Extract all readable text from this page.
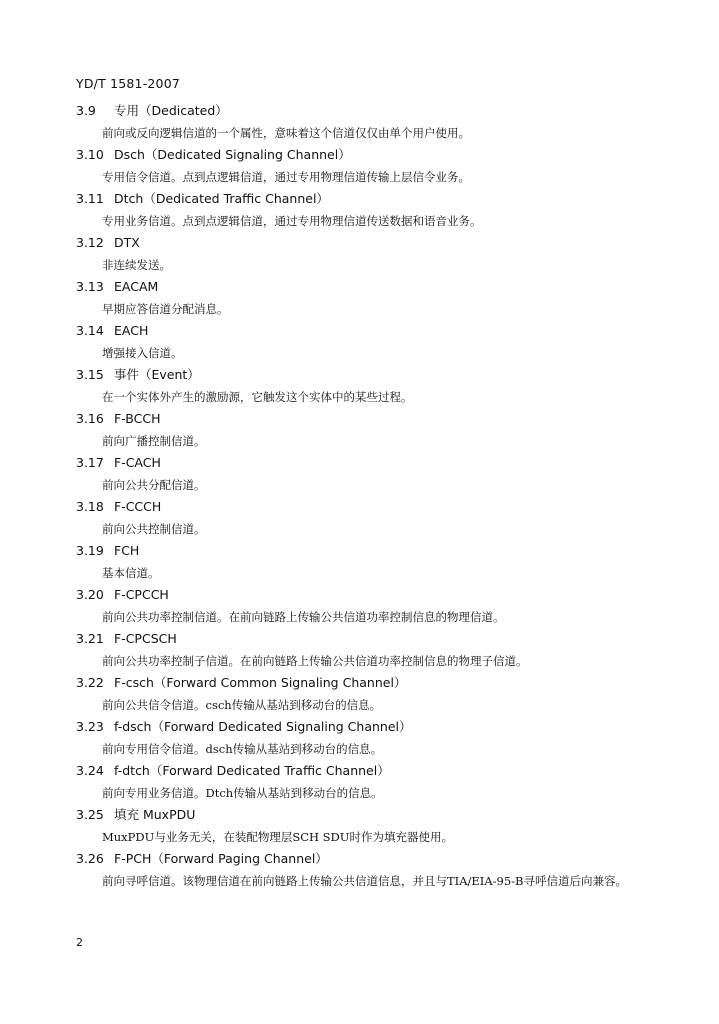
YD/T 1581-2007
3.9 专用（Dedicated）
前向或反向逻辑信道的一个属性，意味着这个信道仅仅由单个用户使用。
3.10 Dsch（Dedicated Signaling Channel）
专用信令信道。点到点逻辑信道，通过专用物理信道传输上层信令业务。
3.11 Dtch（Dedicated Traffic Channel）
专用业务信道。点到点逻辑信道，通过专用物理信道传送数据和语音业务。
3.12 DTX
非连续发送。
3.13 EACAM
早期应答信道分配消息。
3.14 EACH
增强接入信道。
3.15 事件（Event）
在一个实体外产生的激励源，它触发这个实体中的某些过程。
3.16 F-BCCH
前向广播控制信道。
3.17 F-CACH
前向公共分配信道。
3.18 F-CCCH
前向公共控制信道。
3.19 FCH
基本信道。
3.20 F-CPCCH
前向公共功率控制信道。在前向链路上传输公共信道功率控制信息的物理信道。
3.21 F-CPCSCH
前向公共功率控制子信道。在前向链路上传输公共信道功率控制信息的物理子信道。
3.22 F-csch（Forward Common Signaling Channel）
前向公共信令信道。csch传输从基站到移动台的信息。
3.23 f-dsch（Forward Dedicated Signaling Channel）
前向专用信令信道。dsch传输从基站到移动台的信息。
3.24 f-dtch（Forward Dedicated Traffic Channel）
前向专用业务信道。Dtch传输从基站到移动台的信息。
3.25 填充 MuxPDU
MuxPDU与业务无关，在装配物理层SCH SDU时作为填充器使用。
3.26 F-PCH（Forward Paging Channel）
前向寻呼信道。该物理信道在前向链路上传输公共信道信息，并且与TIA/EIA-95-B寻呼信道后向兼容。
2
